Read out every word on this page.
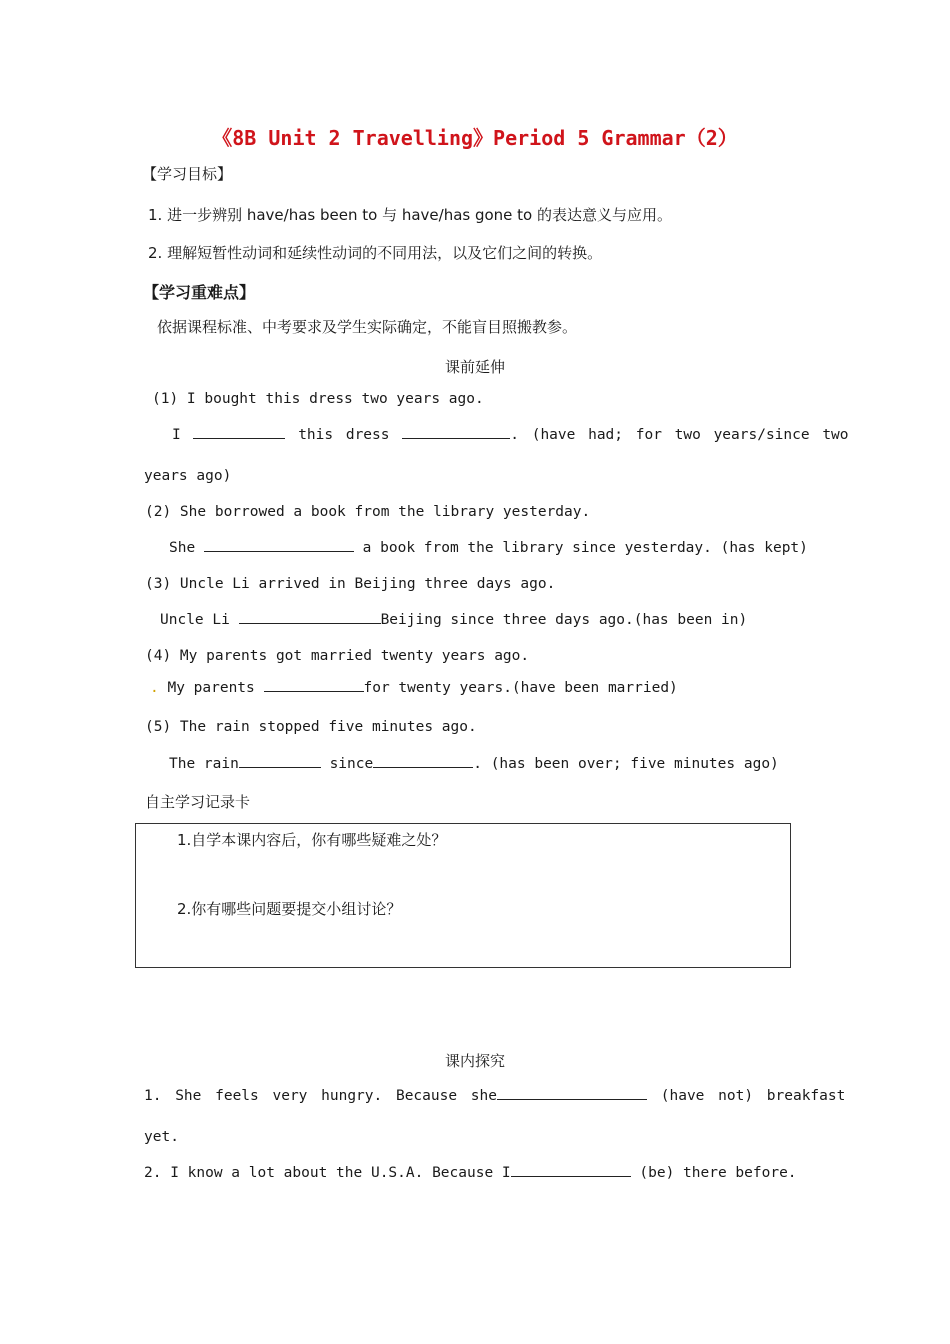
《8B Unit 2 Travelling》Period 5 Grammar（2）
【学习目标】
1. 进一步辨别 have/has been to 与 have/has gone to 的表达意义与应用。
2. 理解短暂性动词和延续性动词的不同用法，以及它们之间的转换。
【学习重难点】
依据课程标准、中考要求及学生实际确定，不能盲目照搬教参。
课前延伸
(1) I bought this dress two years ago.
I	this dress	. (have had; for two years/since two
years ago)
(2) She borrowed a book from the library yesterday.
She	a book from the library since yesterday. (has kept)
(3) Uncle Li arrived in Beijing three days ago.
Uncle Li	Beijing since three days ago.(has been in)
(4) My parents got married twenty years ago.
. My parents	for twenty years.(have been married)
(5) The rain stopped five minutes ago.
The rain	since	. (has been over; five minutes ago)
自主学习记录卡
1.自学本课内容后，你有哪些疑难之处？
2.你有哪些问题要提交小组讨论？
课内探究
1. She feels very hungry. Because she	(have not) breakfast
yet.
2. I know a lot about the U.S.A. Because I	(be) there before.
